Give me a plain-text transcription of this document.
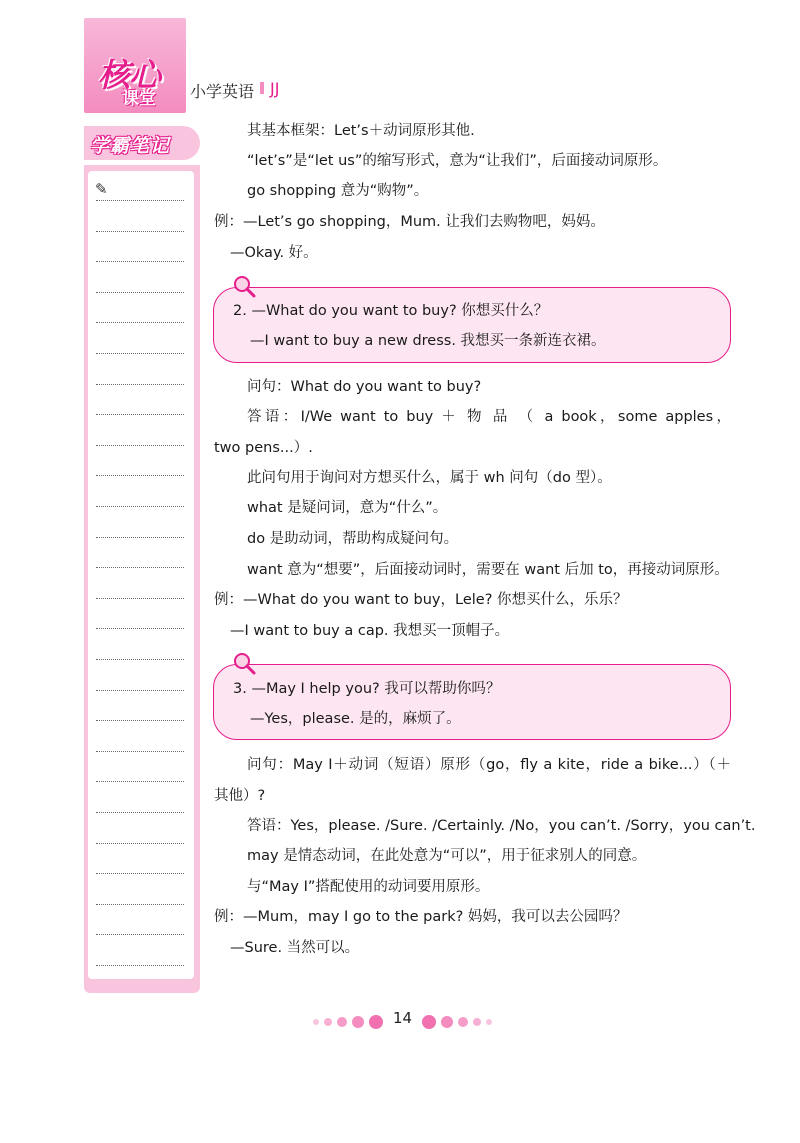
核心
课堂 小学英语 JJ
学霸笔记
✎
其基本框架：Let’s＋动词原形其他.
“let’s”是“let us”的缩写形式，意为“让我们”，后面接动词原形。
go shopping 意为“购物”。
例：—Let’s go shopping，Mum. 让我们去购物吧，妈妈。
—Okay. 好。
2. —What do you want to buy? 你想买什么？
—I want to buy a new dress. 我想买一条新连衣裙。
问句：What do you want to buy?
答语：I/We want to buy ＋ 物 品 （ a book，some apples，
two pens...）.
此问句用于询问对方想买什么，属于 wh 问句（do 型）。
what 是疑问词，意为“什么”。
do 是助动词，帮助构成疑问句。
want 意为“想要”，后面接动词时，需要在 want 后加 to，再接动词原形。
例：—What do you want to buy，Lele? 你想买什么，乐乐？
—I want to buy a cap. 我想买一顶帽子。
3. —May I help you? 我可以帮助你吗？
—Yes，please. 是的，麻烦了。
问句：May I＋动词（短语）原形（go，fly a kite，ride a bike...）（＋
其他）?
答语：Yes，please. /Sure. /Certainly. /No，you can’t. /Sorry，you can’t.
may 是情态动词，在此处意为“可以”，用于征求别人的同意。
与“May I”搭配使用的动词要用原形。
例：—Mum，may I go to the park? 妈妈，我可以去公园吗？
—Sure. 当然可以。
14
